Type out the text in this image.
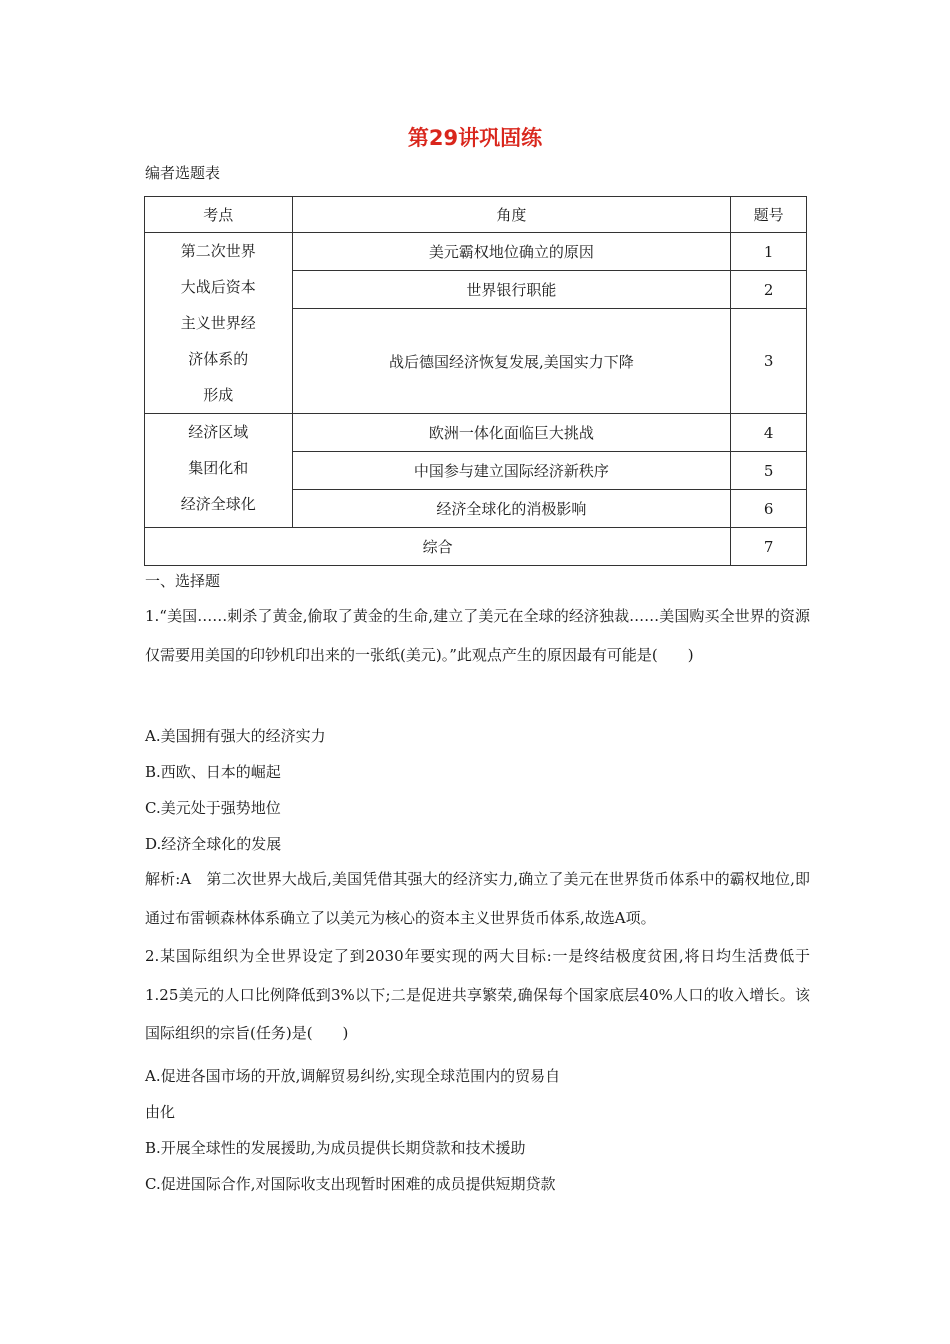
第29讲巩固练
编者选题表
考点	角度	题号

第二次世界
大战后资本
主义世界经
济体系的
形成	美元霸权地位确立的原因	1
	世界银行职能	2
	战后德国经济恢复发展,美国实力下降	3

经济区域
集团化和
经济全球化	欧洲一体化面临巨大挑战	4
	中国参与建立国际经济新秩序	5
	经济全球化的消极影响	6
综合		7
一、选择题
1.“美国……刺杀了黄金,偷取了黄金的生命,建立了美元在全球的经济独裁……美国购买全世界的资源仅需要用美国的印钞机印出来的一张纸(美元)。”此观点产生的原因最有可能是(　　)
A.美国拥有强大的经济实力
B.西欧、日本的崛起
C.美元处于强势地位
D.经济全球化的发展
解析:A　第二次世界大战后,美国凭借其强大的经济实力,确立了美元在世界货币体系中的霸权地位,即通过布雷顿森林体系确立了以美元为核心的资本主义世界货币体系,故选A项。
2.某国际组织为全世界设定了到2030年要实现的两大目标:一是终结极度贫困,将日均生活费低于1.25美元的人口比例降低到3%以下;二是促进共享繁荣,确保每个国家底层40%人口的收入增长。该国际组织的宗旨(任务)是(　　)
A.促进各国市场的开放,调解贸易纠纷,实现全球范围内的贸易自
由化
B.开展全球性的发展援助,为成员提供长期贷款和技术援助
C.促进国际合作,对国际收支出现暂时困难的成员提供短期贷款
